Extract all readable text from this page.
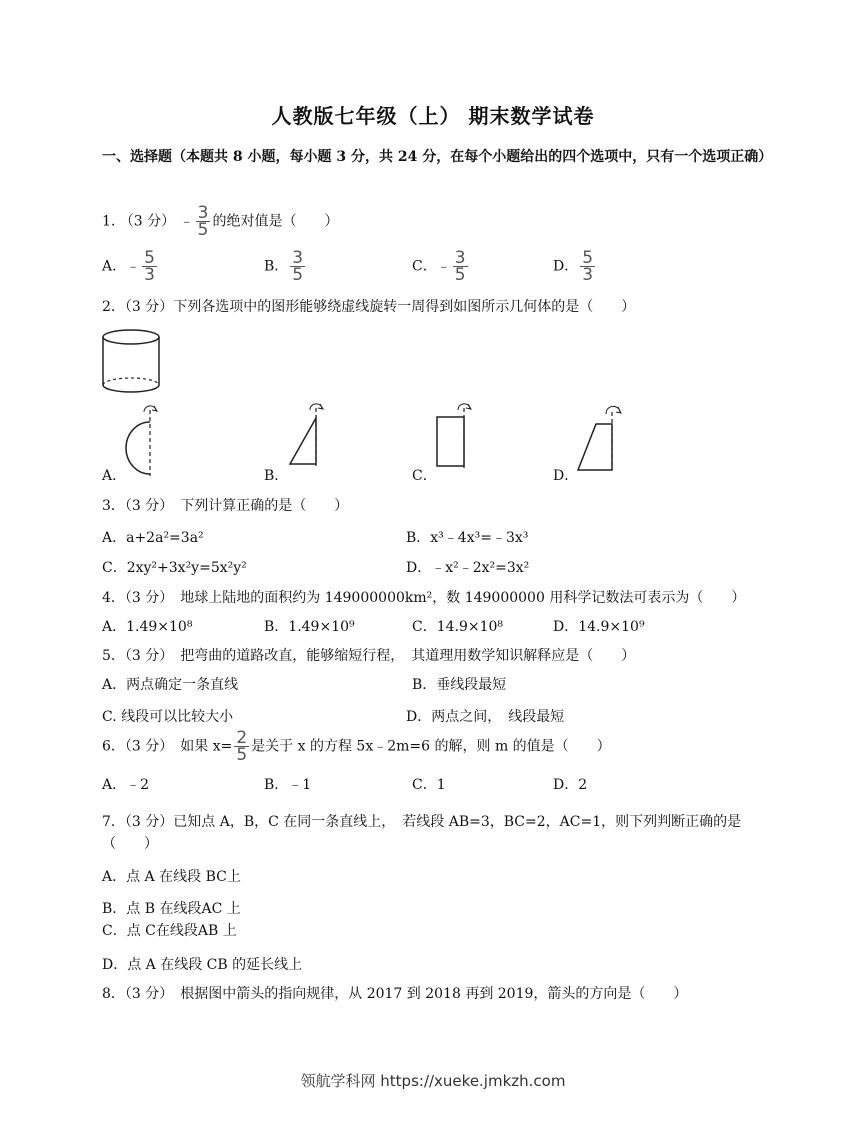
人教版七年级（上） 期末数学试卷
一、选择题（本题共 8 小题，每小题 3 分，共 24 分，在每个小题给出的四个选项中，只有一个选项正确）
1. （3 分） ﹣ $\frac{3}{5}$ 的绝对值是（　　）
A．﹣ $\frac{5}{3}$	B． $\frac{3}{5}$	C．﹣ $\frac{3}{5}$	D． $\frac{5}{3}$
2．（3 分）下列各选项中的图形能够绕虚线旋转一周得到如图所示几何体的是（　　）
A．	B．	C．	D．
3．（3 分）　下列计算正确的是（　　）
A．a+2a²=3a²	B．x³﹣4x³=﹣3x³
C．2xy²+3x²y=5x²y²	D．﹣x²﹣2x²=3x²
4．（3 分）　地球上陆地的面积约为 149000000km²，数 149000000 用科学记数法可表示为（　　）
A．1.49×10⁸	B．1.49×10⁹	C．14.9×10⁸	D．14.9×10⁹
5．（3 分）　把弯曲的道路改直，能够缩短行程，　其道理用数学知识解释应是（　　）
A．两点确定一条直线	B．垂线段最短
C. 线段可以比较大小	D．两点之间，　线段最短
6．（3 分）　如果 $x= \frac{2}{5}$ 是关于 x 的方程 5x﹣2m=6 的解，则 m 的值是（　　）
A．﹣2	B．﹣1	C．1	D．2
7．（3 分）已知点 A，B，C 在同一条直线上，　若线段 AB=3，BC=2，AC=1，则下列判断正确的是（　　）
A．点 A 在线段 BC上
B．点 B 在线段AC 上
C．点 C在线段AB 上
D．点 A 在线段 CB 的延长线上
8．（3 分）　根据图中箭头的指向规律，从 2017 到 2018 再到 2019，箭头的方向是（　　）
领航学科网 https://xueke.jmkzh.com
